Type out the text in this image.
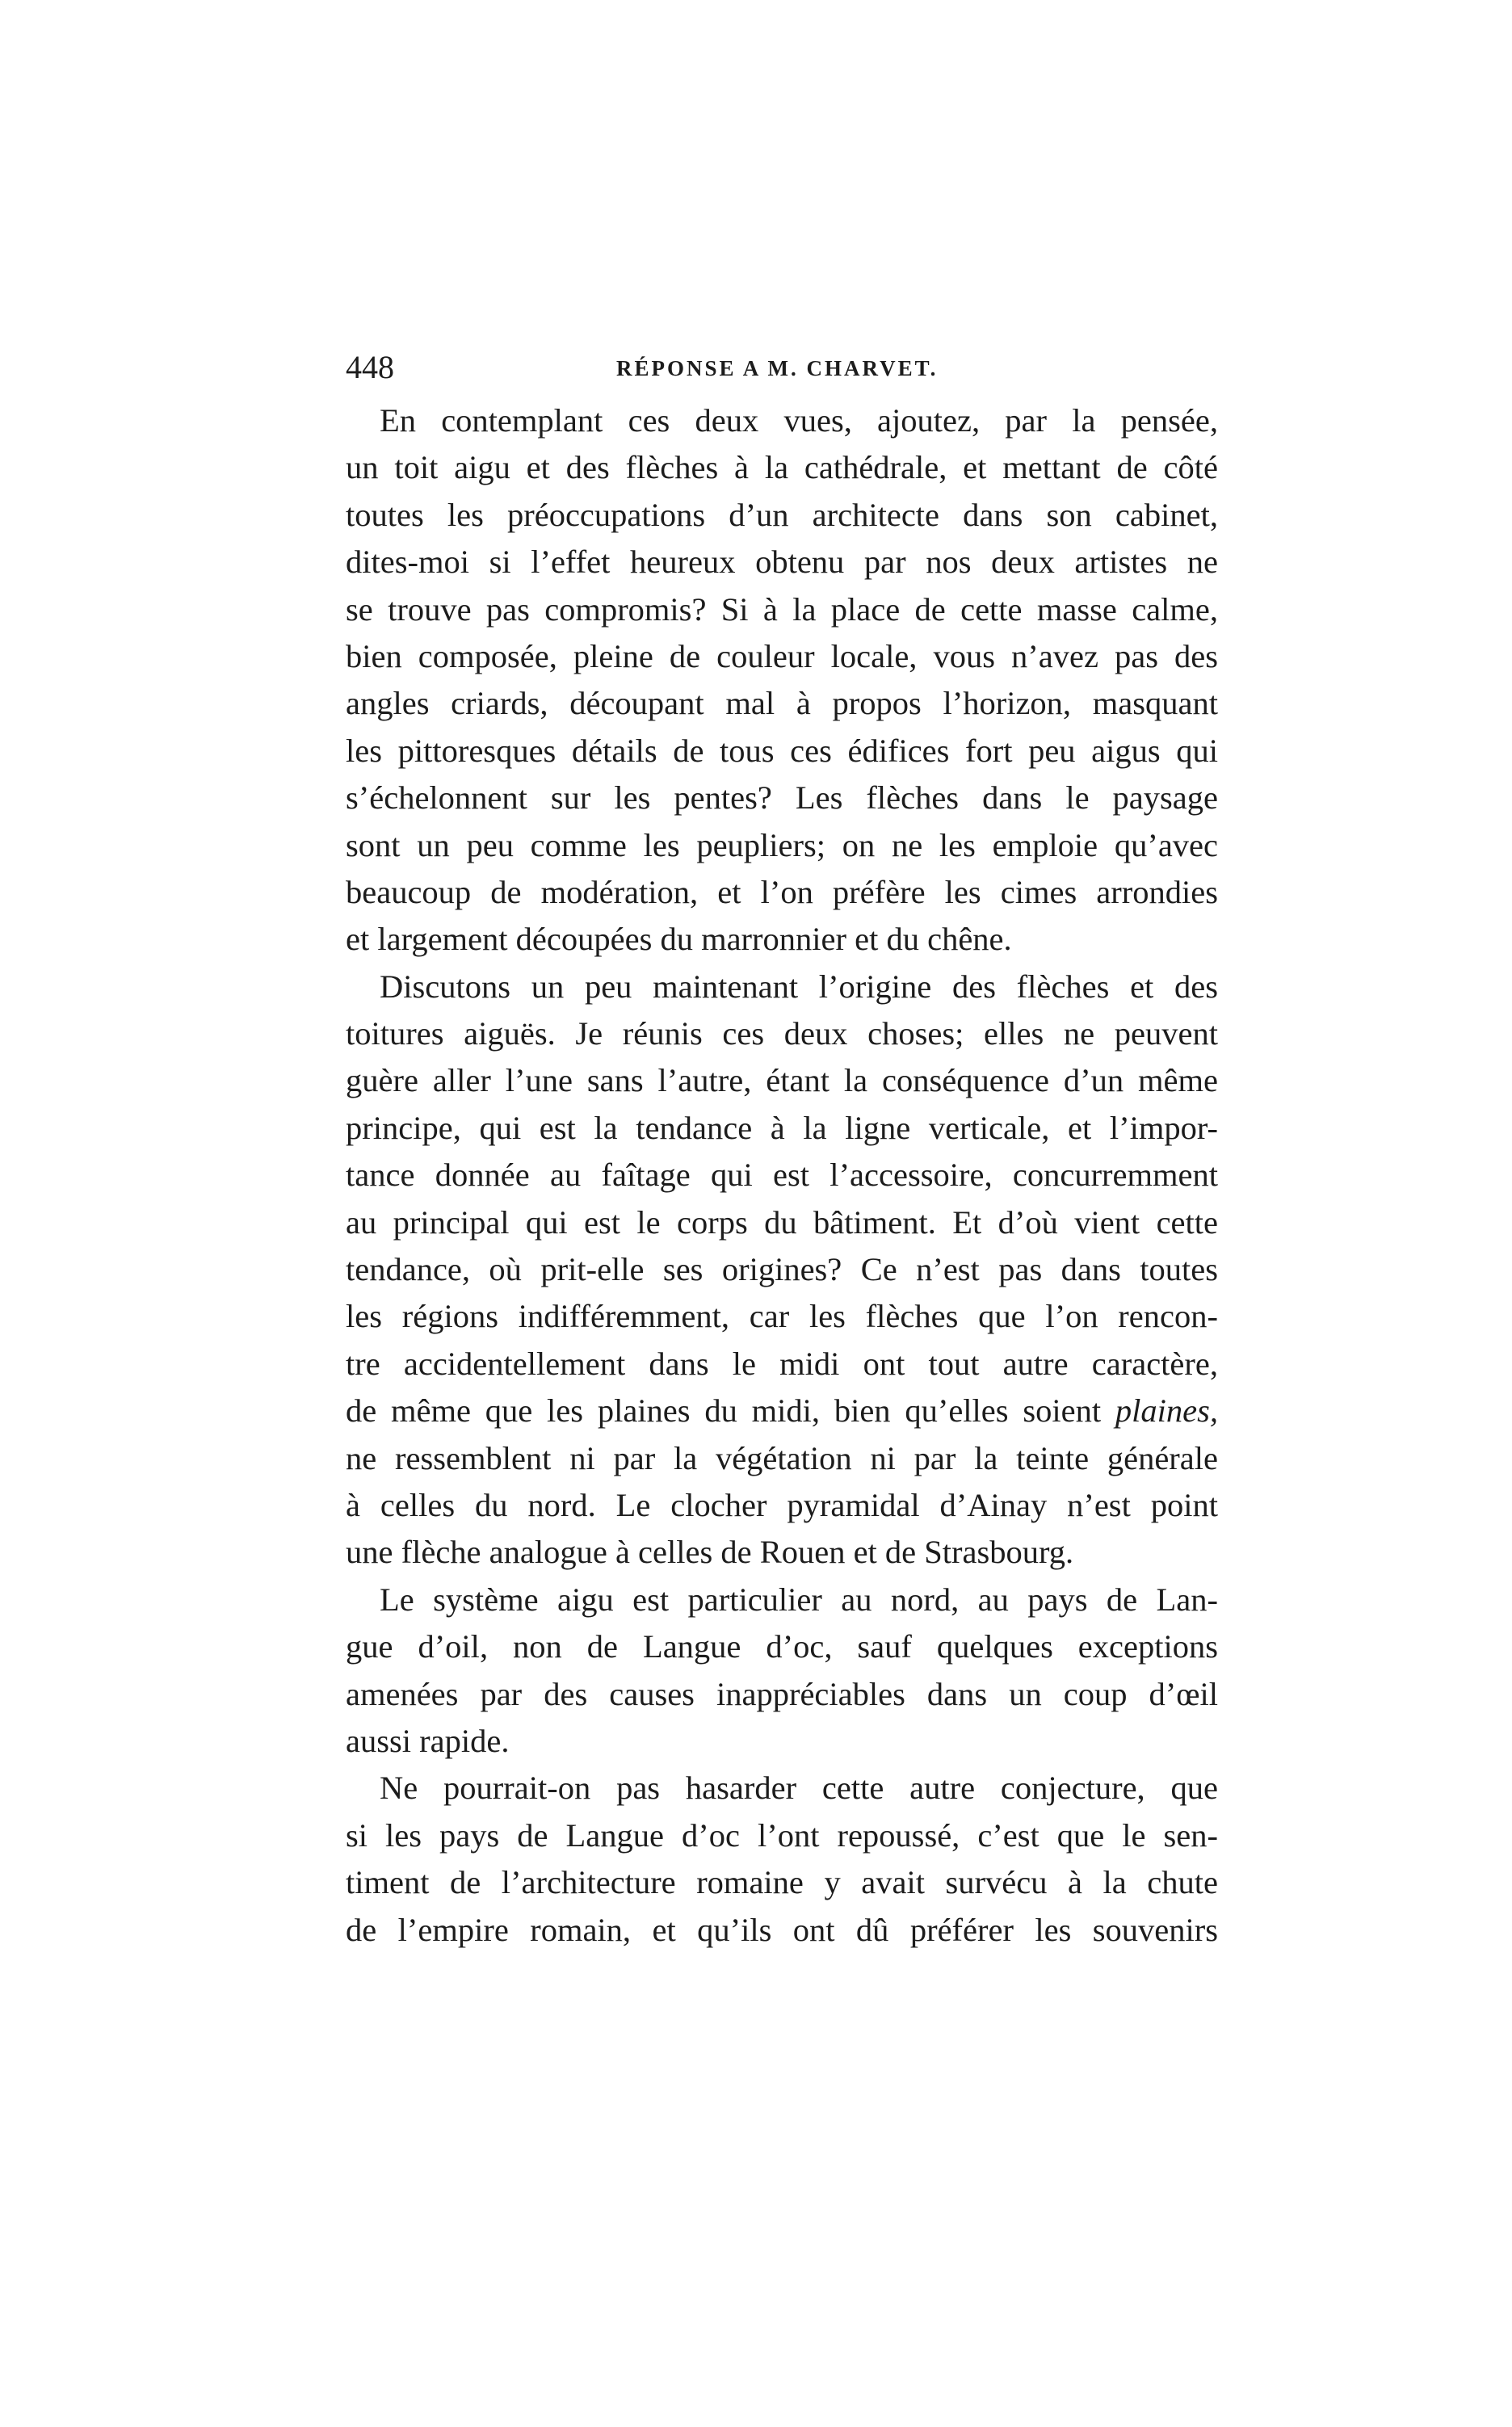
448	RÉPONSE A M. CHARVET.
En contemplant ces deux vues, ajoutez, par la pensée,
un toit aigu et des flèches à la cathédrale, et mettant de côté
toutes les préoccupations d’un architecte dans son cabinet,
dites-moi si l’effet heureux obtenu par nos deux artistes ne
se trouve pas compromis? Si à la place de cette masse calme,
bien composée, pleine de couleur locale, vous n’avez pas des
angles criards, découpant mal à propos l’horizon, masquant
les pittoresques détails de tous ces édifices fort peu aigus qui
s’échelonnent sur les pentes? Les flèches dans le paysage
sont un peu comme les peupliers; on ne les emploie qu’avec
beaucoup de modération, et l’on préfère les cimes arrondies
et largement découpées du marronnier et du chêne.
Discutons un peu maintenant l’origine des flèches et des
toitures aiguës. Je réunis ces deux choses; elles ne peuvent
guère aller l’une sans l’autre, étant la conséquence d’un même
principe, qui est la tendance à la ligne verticale, et l’impor-
tance donnée au faîtage qui est l’accessoire, concurremment
au principal qui est le corps du bâtiment. Et d’où vient cette
tendance, où prit-elle ses origines? Ce n’est pas dans toutes
les régions indifféremment, car les flèches que l’on rencon-
tre accidentellement dans le midi ont tout autre caractère,
de même que les plaines du midi, bien qu’elles soient plaines,
ne ressemblent ni par la végétation ni par la teinte générale
à celles du nord. Le clocher pyramidal d’Ainay n’est point
une flèche analogue à celles de Rouen et de Strasbourg.
Le système aigu est particulier au nord, au pays de Lan-
gue d’oil, non de Langue d’oc, sauf quelques exceptions
amenées par des causes inappréciables dans un coup d’œil
aussi rapide.
Ne pourrait-on pas hasarder cette autre conjecture, que
si les pays de Langue d’oc l’ont repoussé, c’est que le sen-
timent de l’architecture romaine y avait survécu à la chute
de l’empire romain, et qu’ils ont dû préférer les souvenirs
